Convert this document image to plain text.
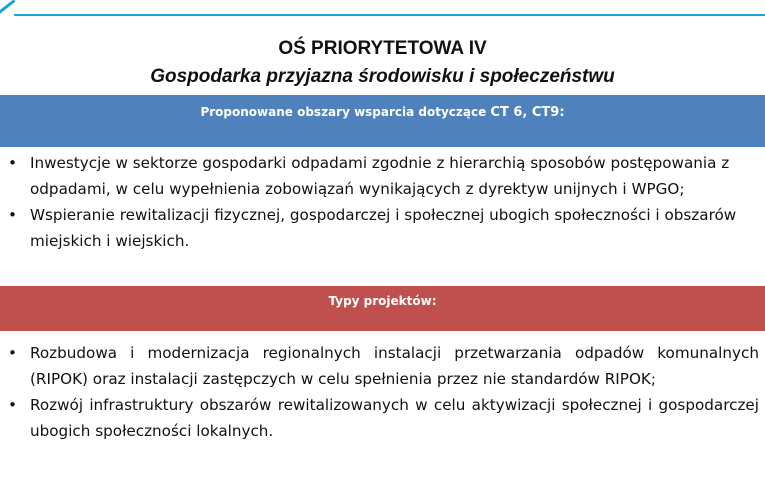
OŚ PRIORYTETOWA IV
Gospodarka przyjazna środowisku i społeczeństwu
Proponowane obszary wsparcia dotyczące CT 6, CT9:
• Inwestycje w sektorze gospodarki odpadami zgodnie z hierarchią sposobów postępowania z odpadami, w celu wypełnienia zobowiązań wynikających z dyrektyw unijnych i WPGO;
• Wspieranie rewitalizacji fizycznej, gospodarczej i społecznej ubogich społeczności i obszarów miejskich i wiejskich.
Typy projektów:
• Rozbudowa i modernizacja regionalnych instalacji przetwarzania odpadów komunalnych (RIPOK) oraz instalacji zastępczych w celu spełnienia przez nie standardów RIPOK;
• Rozwój infrastruktury obszarów rewitalizowanych w celu aktywizacji społecznej i gospodarczej ubogich społeczności lokalnych.
